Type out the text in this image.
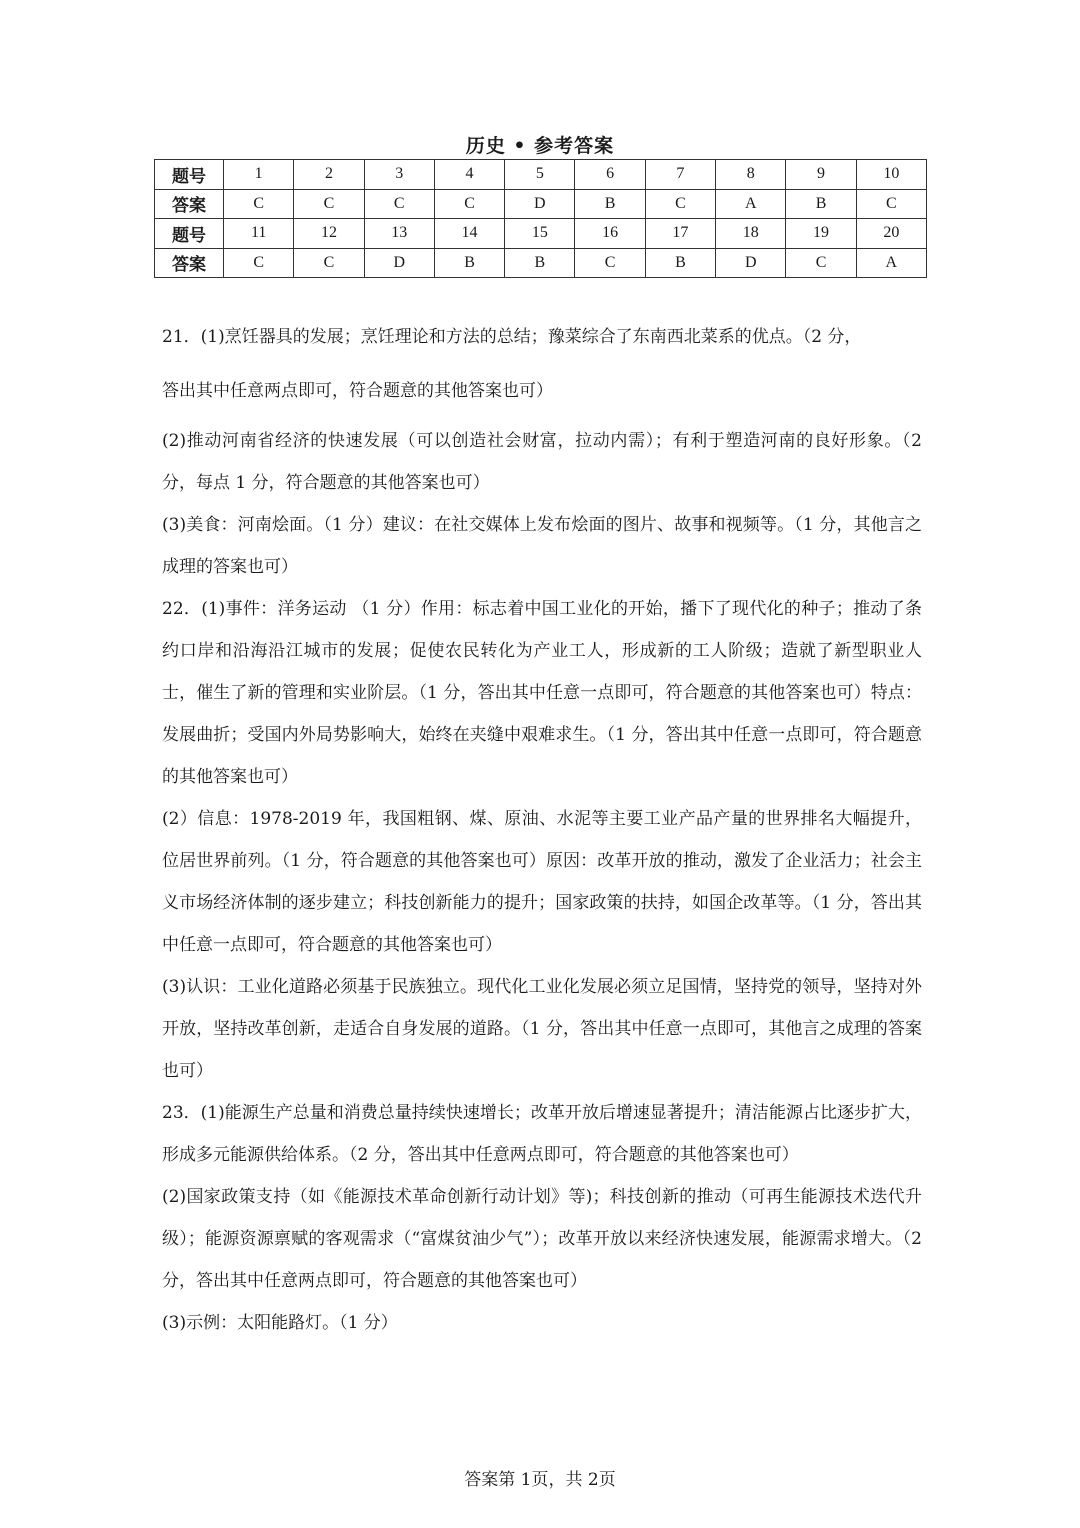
历史 • 参考答案
题号	1	2	3	4	5	6	7	8	9	10
答案	C	C	C	C	D	B	C	A	B	C
题号	11	12	13	14	15	16	17	18	19	20
答案	C	C	D	B	B	C	B	D	C	A

21．(1)烹饪器具的发展；烹饪理论和方法的总结；豫菜综合了东南西北菜系的优点。（2 分，

答出其中任意两点即可，符合题意的其他答案也可）

(2)推动河南省经济的快速发展（可以创造社会财富，拉动内需）；有利于塑造河南的良好形象。（2 分，每点 1 分，符合题意的其他答案也可）

(3)美食：河南烩面。（1 分）建议：在社交媒体上发布烩面的图片、故事和视频等。（1 分，其他言之成理的答案也可）

22．(1)事件：洋务运动 （1 分）作用：标志着中国工业化的开始，播下了现代化的种子；推动了条约口岸和沿海沿江城市的发展；促使农民转化为产业工人，形成新的工人阶级；造就了新型职业人士，催生了新的管理和实业阶层。（1 分，答出其中任意一点即可，符合题意的其他答案也可）特点：发展曲折；受国内外局势影响大，始终在夹缝中艰难求生。（1 分，答出其中任意一点即可，符合题意的其他答案也可）

(2）信息：1978-2019 年，我国粗钢、煤、原油、水泥等主要工业产品产量的世界排名大幅提升，位居世界前列。（1 分，符合题意的其他答案也可）原因：改革开放的推动，激发了企业活力；社会主义市场经济体制的逐步建立；科技创新能力的提升；国家政策的扶持，如国企改革等。（1 分，答出其中任意一点即可，符合题意的其他答案也可）

(3)认识：工业化道路必须基于民族独立。现代化工业化发展必须立足国情，坚持党的领导，坚持对外开放，坚持改革创新，走适合自身发展的道路。（1 分，答出其中任意一点即可，其他言之成理的答案也可）

23．(1)能源生产总量和消费总量持续快速增长；改革开放后增速显著提升；清洁能源占比逐步扩大，形成多元能源供给体系。（2 分，答出其中任意两点即可，符合题意的其他答案也可）

(2)国家政策支持（如《能源技术革命创新行动计划》等)；科技创新的推动（可再生能源技术迭代升级）；能源资源禀赋的客观需求（“富煤贫油少气”）；改革开放以来经济快速发展，能源需求增大。（2 分，答出其中任意两点即可，符合题意的其他答案也可）

(3)示例：太阳能路灯。（1 分）

答案第 1页，共 2页
